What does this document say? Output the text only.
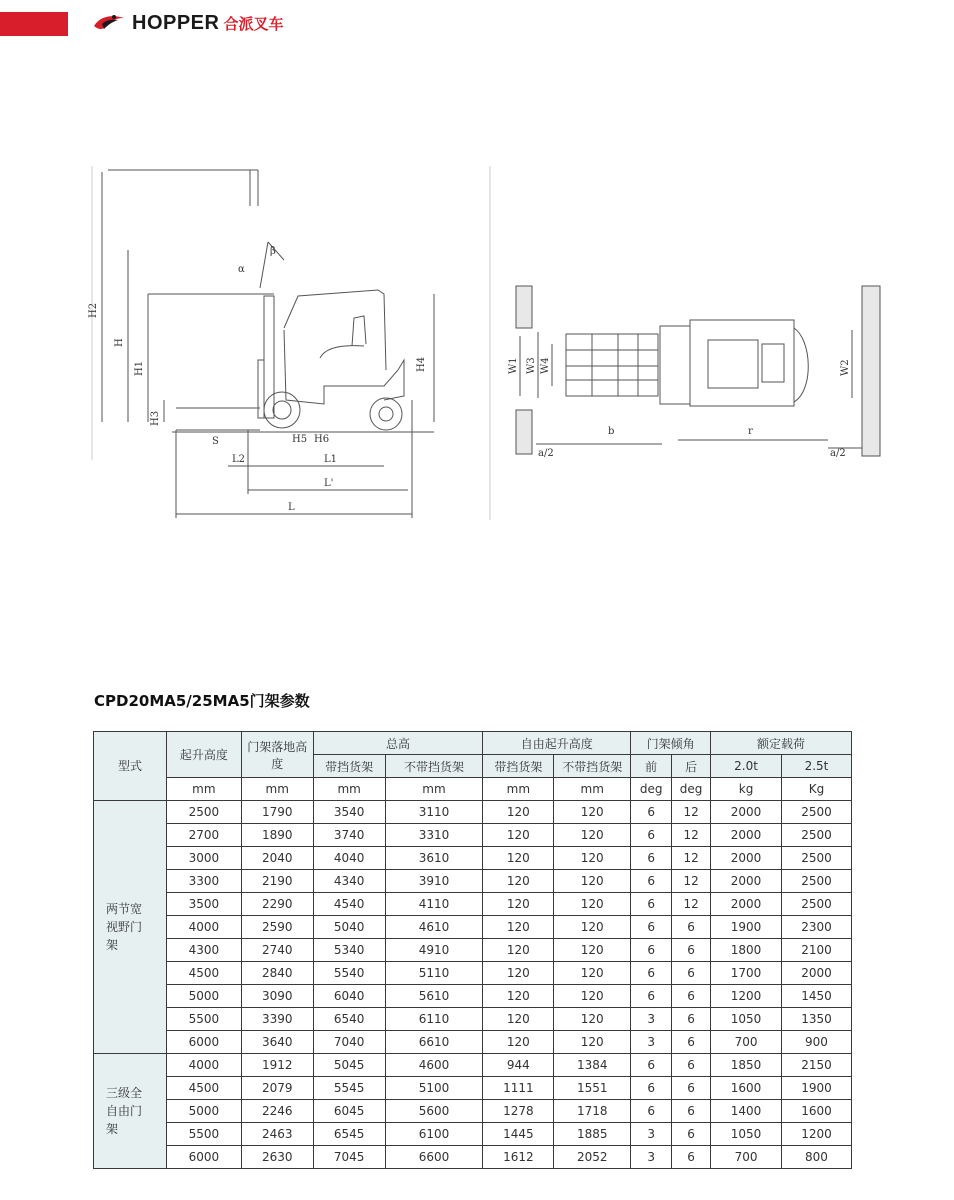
HOPPER 合派叉车
H2
H
H1
H3
H4
β
α
L2	L1
L'
L
S	H5 H6
W1 W3 W4	W2
b	r
a/2	a/2
CPD20MA5/25MA5门架参数
型式	起升高度	门架落地高度	总高		自由起升高度		门架倾角		额定载荷	
			带挡货架	不带挡货架	带挡货架	不带挡货架	前	后	2.0t	2.5t
	mm	mm	mm	mm	mm	mm	deg	deg	kg	Kg
两节宽视野门架	2500	1790	3540	3110	120	120	6	12	2000	2500
	2700	1890	3740	3310	120	120	6	12	2000	2500
	3000	2040	4040	3610	120	120	6	12	2000	2500
	3300	2190	4340	3910	120	120	6	12	2000	2500
	3500	2290	4540	4110	120	120	6	12	2000	2500
	4000	2590	5040	4610	120	120	6	6	1900	2300
	4300	2740	5340	4910	120	120	6	6	1800	2100
	4500	2840	5540	5110	120	120	6	6	1700	2000
	5000	3090	6040	5610	120	120	6	6	1200	1450
	5500	3390	6540	6110	120	120	3	6	1050	1350
	6000	3640	7040	6610	120	120	3	6	700	900
三级全自由门架	4000	1912	5045	4600	944	1384	6	6	1850	2150
	4500	2079	5545	5100	1111	1551	6	6	1600	1900
	5000	2246	6045	5600	1278	1718	6	6	1400	1600
	5500	2463	6545	6100	1445	1885	3	6	1050	1200
	6000	2630	7045	6600	1612	2052	3	6	700	800
